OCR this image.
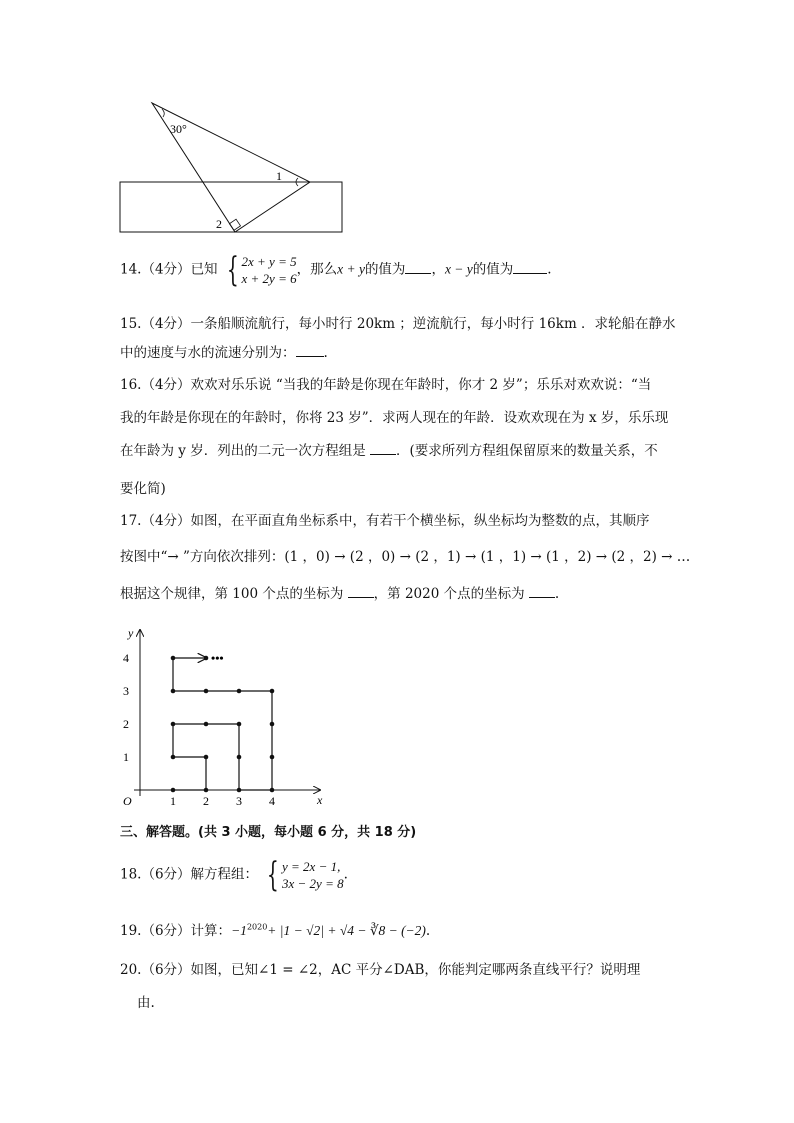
30°
1
2
14.（4分）已知 { 2x + y = 5
x + 2y = 6
，那么x + y的值为 ，x − y的值为	.
15.（4分）一条船顺流航行，每小时行 20km ；逆流航行，每小时行 16km ．求轮船在静水
中的速度与水的流速分别为： .
16.（4分）欢欢对乐乐说 “当我的年龄是你现在年龄时，你才 2 岁”；乐乐对欢欢说：“当
我的年龄是你现在的年龄时，你将 23 岁”．求两人现在的年龄．设欢欢现在为 x 岁，乐乐现
在年龄为 y 岁．列出的二元一次方程组是 ．(要求所列方程组保留原来的数量关系，不
要化简)
17.（4分）如图，在平面直角坐标系中，有若干个横坐标，纵坐标均为整数的点，其顺序
按图中“→ ”方向依次排列：(1 ，0) → (2 ，0) → (2 ，1) → (1 ，1) → (1 ，2) → (2 ，2) → …
根据这个规律，第 100 个点的坐标为 ，第 2020 个点的坐标为 .
x
y
O	1 2 3 4
1
2
3
4	•••
三、解答题。(共 3 小题，每小题 6 分，共 18 分)
18.（6分）解方程组： { y = 2x − 1,
3x − 2y = 8
.
19.（6分）计算：$-1^{2020}+ |1 - √2| + √4$ − ∛8 − (−2).
20.（6分）如图，已知∠1 = ∠2，AC 平分∠DAB，你能判定哪两条直线平行？说明理
由.
